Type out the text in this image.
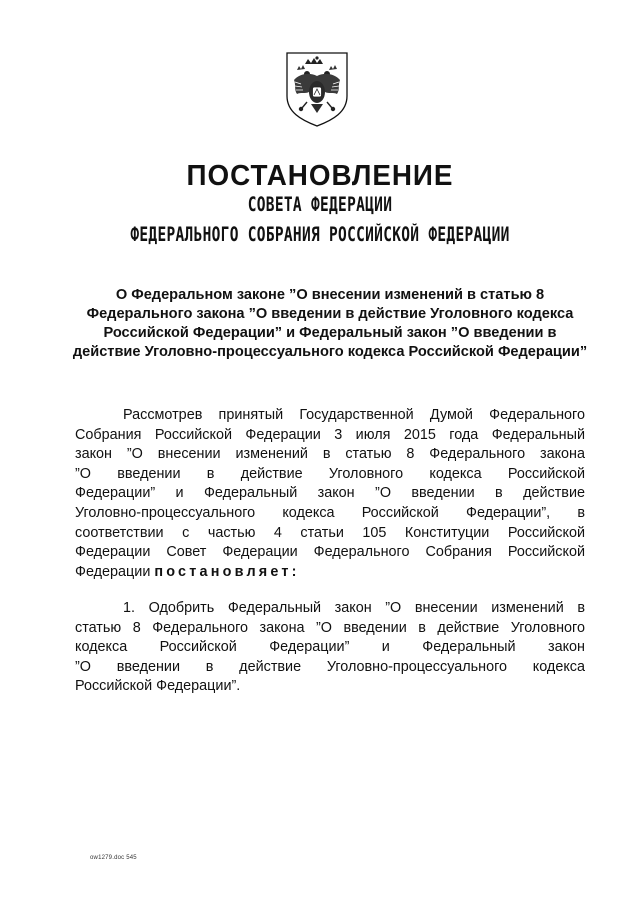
ПОСТАНОВЛЕНИЕ
СОВЕТА ФЕДЕРАЦИИ
ФЕДЕРАЛЬНОГО СОБРАНИЯ РОССИЙСКОЙ ФЕДЕРАЦИИ
О Федеральном законе ”О внесении изменений в статью 8
Федерального закона ”О введении в действие Уголовного кодекса
Российской Федерации” и Федеральный закон ”О введении в
действие Уголовно-процессуального кодекса Российской Федерации”
Рассмотрев принятый Государственной Думой Федерального
Собрания Российской Федерации 3 июля 2015 года Федеральный
закон ”О внесении изменений в статью 8 Федерального закона
”О введении в действие Уголовного кодекса Российской
Федерации” и Федеральный закон ”О введении в действие
Уголовно-процессуального кодекса Российской Федерации”, в
соответствии с частью 4 статьи 105 Конституции Российской
Федерации Совет Федерации Федерального Собрания Российской
Федерации постановляет:
1. Одобрить Федеральный закон ”О внесении изменений в
статью 8 Федерального закона ”О введении в действие Уголовного
кодекса Российской Федерации” и Федеральный закон
”О введении в действие Уголовно-процессуального кодекса
Российской Федерации”.
ow1279.doc 545
